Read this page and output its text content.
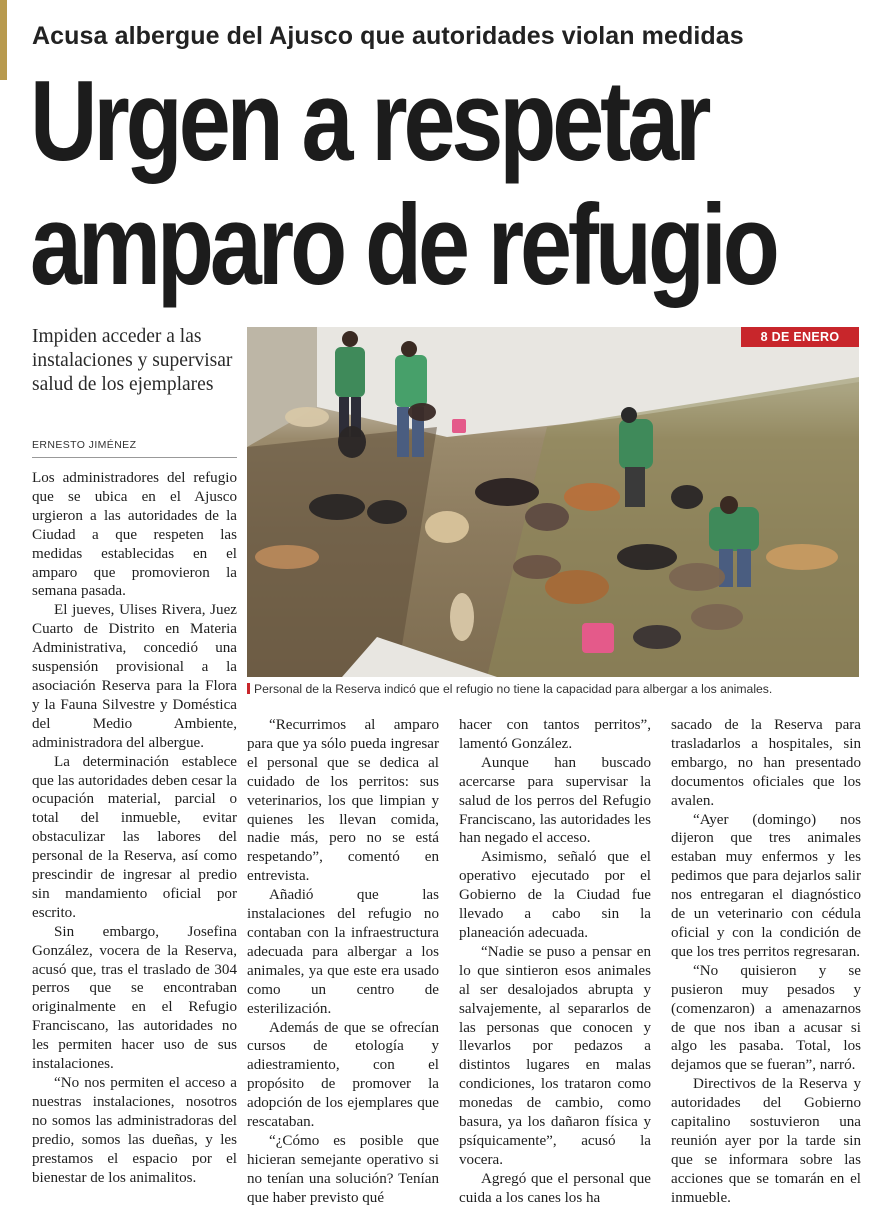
Acusa albergue del Ajusco que autoridades violan medidas
Urgen a respetar
amparo de refugio
Impiden acceder a las instalaciones y supervisar salud de los ejemplares
ERNESTO JIMÉNEZ
8 DE ENERO
Personal de la Reserva indicó que el refugio no tiene la capacidad para albergar a los animales.

Los administradores del refugio que se ubica en el Ajusco urgieron a las autoridades de la Ciudad a que respeten las medidas establecidas en el amparo que promovieron la semana pasada.

El jueves, Ulises Rivera, Juez Cuarto de Distrito en Materia Administrativa, concedió una suspensión provisional a la asociación Reserva para la Flora y la Fauna Silvestre y Doméstica del Medio Ambiente, administradora del albergue.

La determinación establece que las autoridades deben cesar la ocupación material, parcial o total del inmueble, evitar obstaculizar las labores del personal de la Reserva, así como prescindir de ingresar al predio sin mandamiento oficial por escrito.

Sin embargo, Josefina González, vocera de la Reserva, acusó que, tras el traslado de 304 perros que se encontraban originalmente en el Refugio Franciscano, las autoridades no les permiten hacer uso de sus instalaciones.

“No nos permiten el acceso a nuestras instalaciones, nosotros no somos las administradoras del predio, somos las dueñas, y les prestamos el espacio por el bienestar de los animalitos.

“Recurrimos al amparo para que ya sólo pueda ingresar el personal que se dedica al cuidado de los perritos: sus veterinarios, los que limpian y quienes les llevan comida, nadie más, pero no se está respetando”, comentó en entrevista.

Añadió que las instalaciones del refugio no contaban con la infraestructura adecuada para albergar a los animales, ya que este era usado como un centro de esterilización.

Además de que se ofrecían cursos de etología y adiestramiento, con el propósito de promover la adopción de los ejemplares que rescataban.

“¿Cómo es posible que hicieran semejante operativo si no tenían una solución? Tenían que haber previsto qué

hacer con tantos perritos”, lamentó González.

Aunque han buscado acercarse para supervisar la salud de los perros del Refugio Franciscano, las autoridades les han negado el acceso.

Asimismo, señaló que el operativo ejecutado por el Gobierno de la Ciudad fue llevado a cabo sin la planeación adecuada.

“Nadie se puso a pensar en lo que sintieron esos animales al ser desalojados abrupta y salvajemente, al separarlos de las personas que conocen y llevarlos por pedazos a distintos lugares en malas condiciones, los trataron como monedas de cambio, como basura, ya los dañaron física y psíquicamente”, acusó la vocera.

Agregó que el personal que cuida a los canes los ha

sacado de la Reserva para trasladarlos a hospitales, sin embargo, no han presentado documentos oficiales que los avalen.

“Ayer (domingo) nos dijeron que tres animales estaban muy enfermos y les pedimos que para dejarlos salir nos entregaran el diagnóstico de un veterinario con cédula oficial y con la condición de que los tres perritos regresaran.

“No quisieron y se pusieron muy pesados y (comenzaron) a amenazarnos de que nos iban a acusar si algo les pasaba. Total, los dejamos que se fueran”, narró.

Directivos de la Reserva y autoridades del Gobierno capitalino sostuvieron una reunión ayer por la tarde sin que se informara sobre las acciones que se tomarán en el inmueble.
